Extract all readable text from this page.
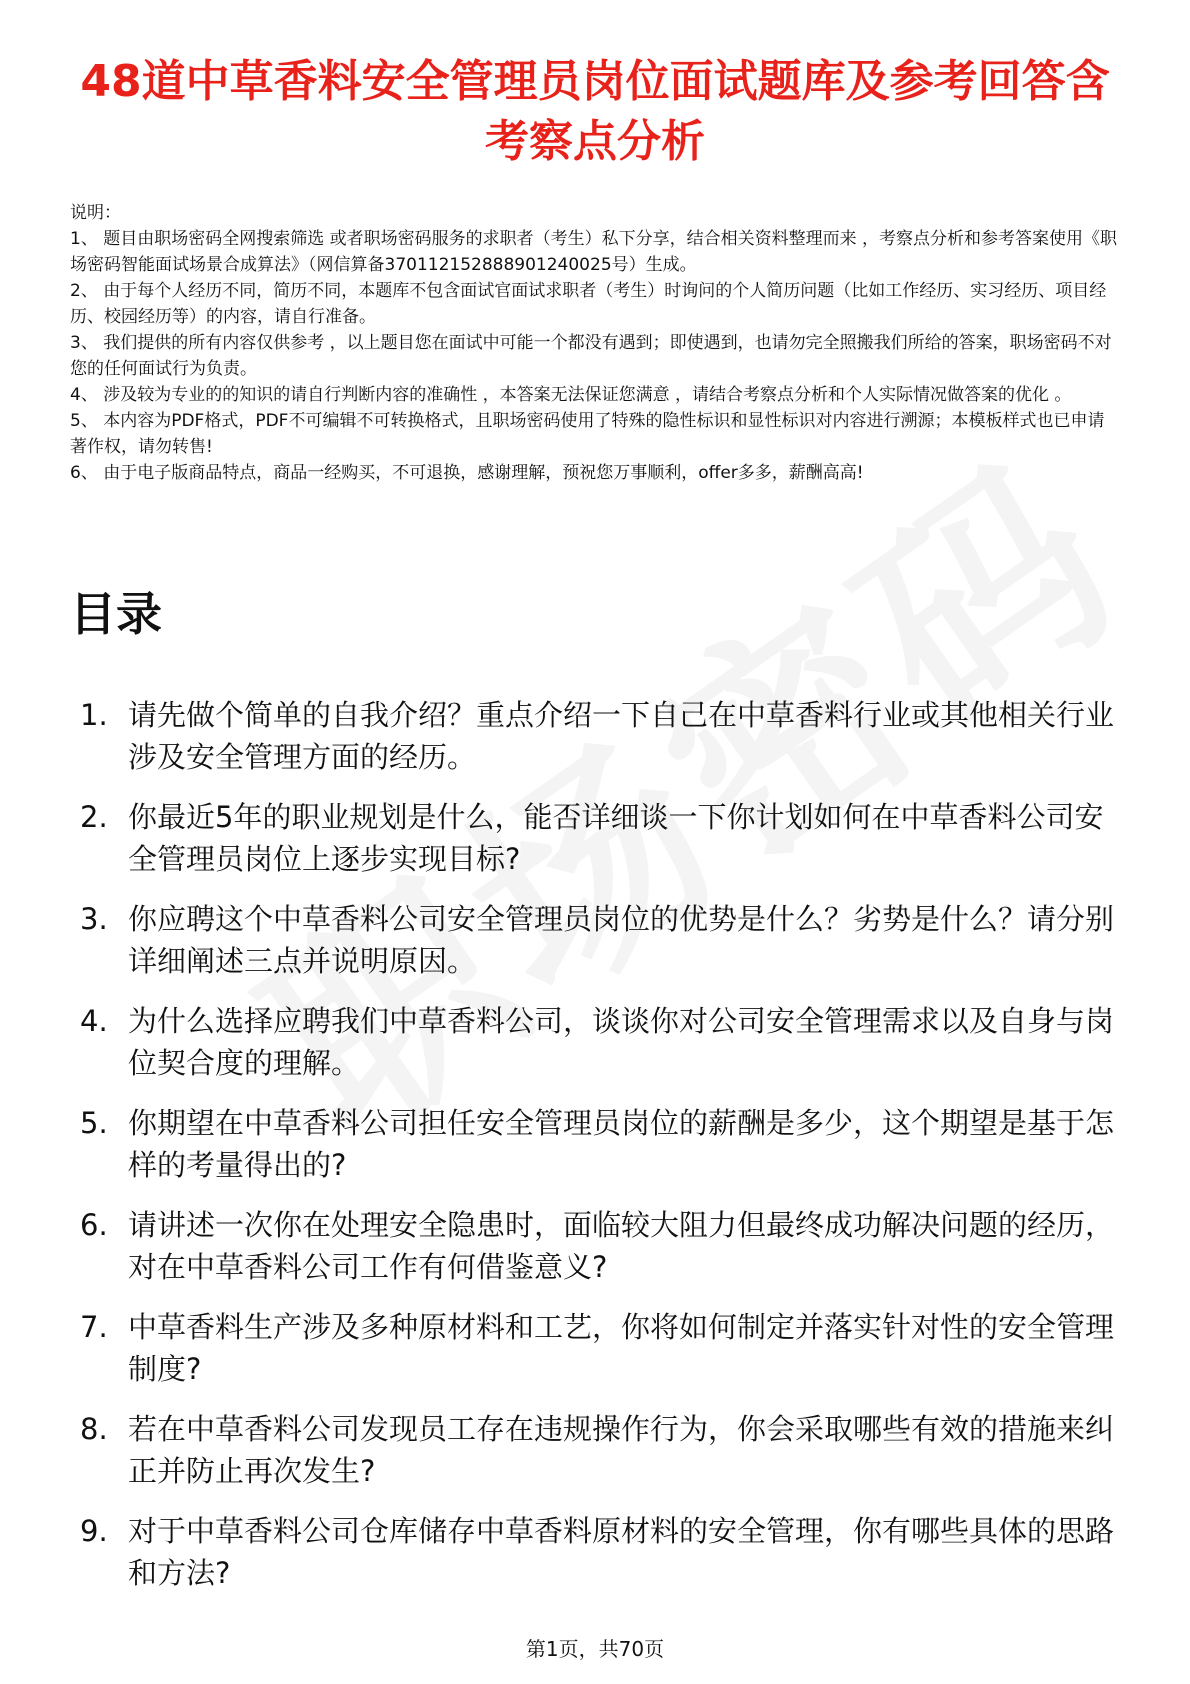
48道中草香料安全管理员岗位面试题库及参考回答含考察点分析

说明：

1、 题目由职场密码全网搜索筛选 或者职场密码服务的求职者（考生）私下分享，结合相关资料整理而来 ，考察点分析和参考答案使用《职场密码智能面试场景合成算法》（网信算备370112152888901240025号）生成。

2、 由于每个人经历不同，简历不同，本题库不包含面试官面试求职者（考生）时询问的个人简历问题（比如工作经历、实习经历、项目经历、校园经历等）的内容，请自行准备。

3、 我们提供的所有内容仅供参考 ，以上题目您在面试中可能一个都没有遇到；即使遇到，也请勿完全照搬我们所给的答案，职场密码不对您的任何面试行为负责。

4、 涉及较为专业的的知识的请自行判断内容的准确性 ，本答案无法保证您满意 ，请结合考察点分析和个人实际情况做答案的优化 。

5、 本内容为PDF格式，PDF不可编辑不可转换格式，且职场密码使用了特殊的隐性标识和显性标识对内容进行溯源；本模板样式也已申请著作权，请勿转售!

6、 由于电子版商品特点，商品一经购买，不可退换，感谢理解，预祝您万事顺利，offer多多，薪酬高高!

目录
1. 请先做个简单的自我介绍？重点介绍一下自己在中草香料行业或其他相关行业涉及安全管理方面的经历。
2. 你最近5年的职业规划是什么，能否详细谈一下你计划如何在中草香料公司安全管理员岗位上逐步实现目标?
3. 你应聘这个中草香料公司安全管理员岗位的优势是什么？劣势是什么？请分别详细阐述三点并说明原因。
4. 为什么选择应聘我们中草香料公司，谈谈你对公司安全管理需求以及自身与岗位契合度的理解。
5. 你期望在中草香料公司担任安全管理员岗位的薪酬是多少，这个期望是基于怎样的考量得出的?
6. 请讲述一次你在处理安全隐患时，面临较大阻力但最终成功解决问题的经历，对在中草香料公司工作有何借鉴意义?
7. 中草香料生产涉及多种原材料和工艺，你将如何制定并落实针对性的安全管理制度?
8. 若在中草香料公司发现员工存在违规操作行为，你会采取哪些有效的措施来纠正并防止再次发生?
9. 对于中草香料公司仓库储存中草香料原材料的安全管理，你有哪些具体的思路和方法?
第1页，共70页
